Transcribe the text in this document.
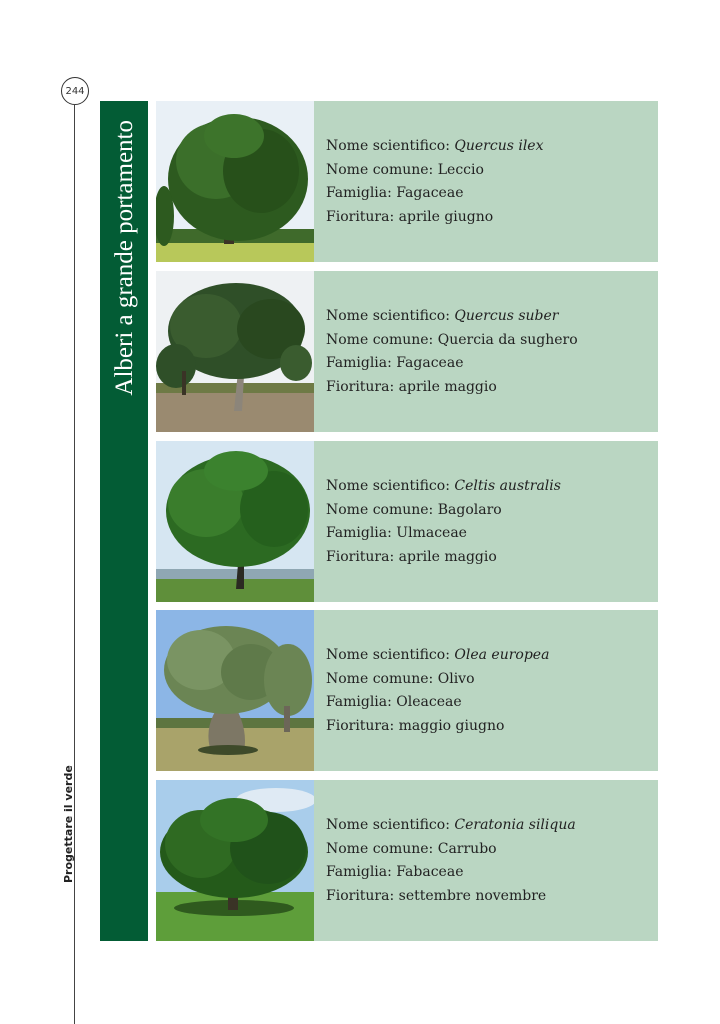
244
Progettare il verde
Alberi a grande portamento	Nome scientifico: Quercus ilex
Nome comune: Leccio
Famiglia: Fagaceae
Fioritura: aprile giugno
Nome scientifico: Quercus suber
Nome comune: Quercia da sughero
Famiglia: Fagaceae
Fioritura: aprile maggio
Nome scientifico: Celtis australis
Nome comune: Bagolaro
Famiglia: Ulmaceae
Fioritura: aprile maggio
Nome scientifico: Olea europea
Nome comune: Olivo
Famiglia: Oleaceae
Fioritura: maggio giugno
Nome scientifico: Ceratonia siliqua
Nome comune: Carrubo
Famiglia: Fabaceae
Fioritura: settembre novembre
